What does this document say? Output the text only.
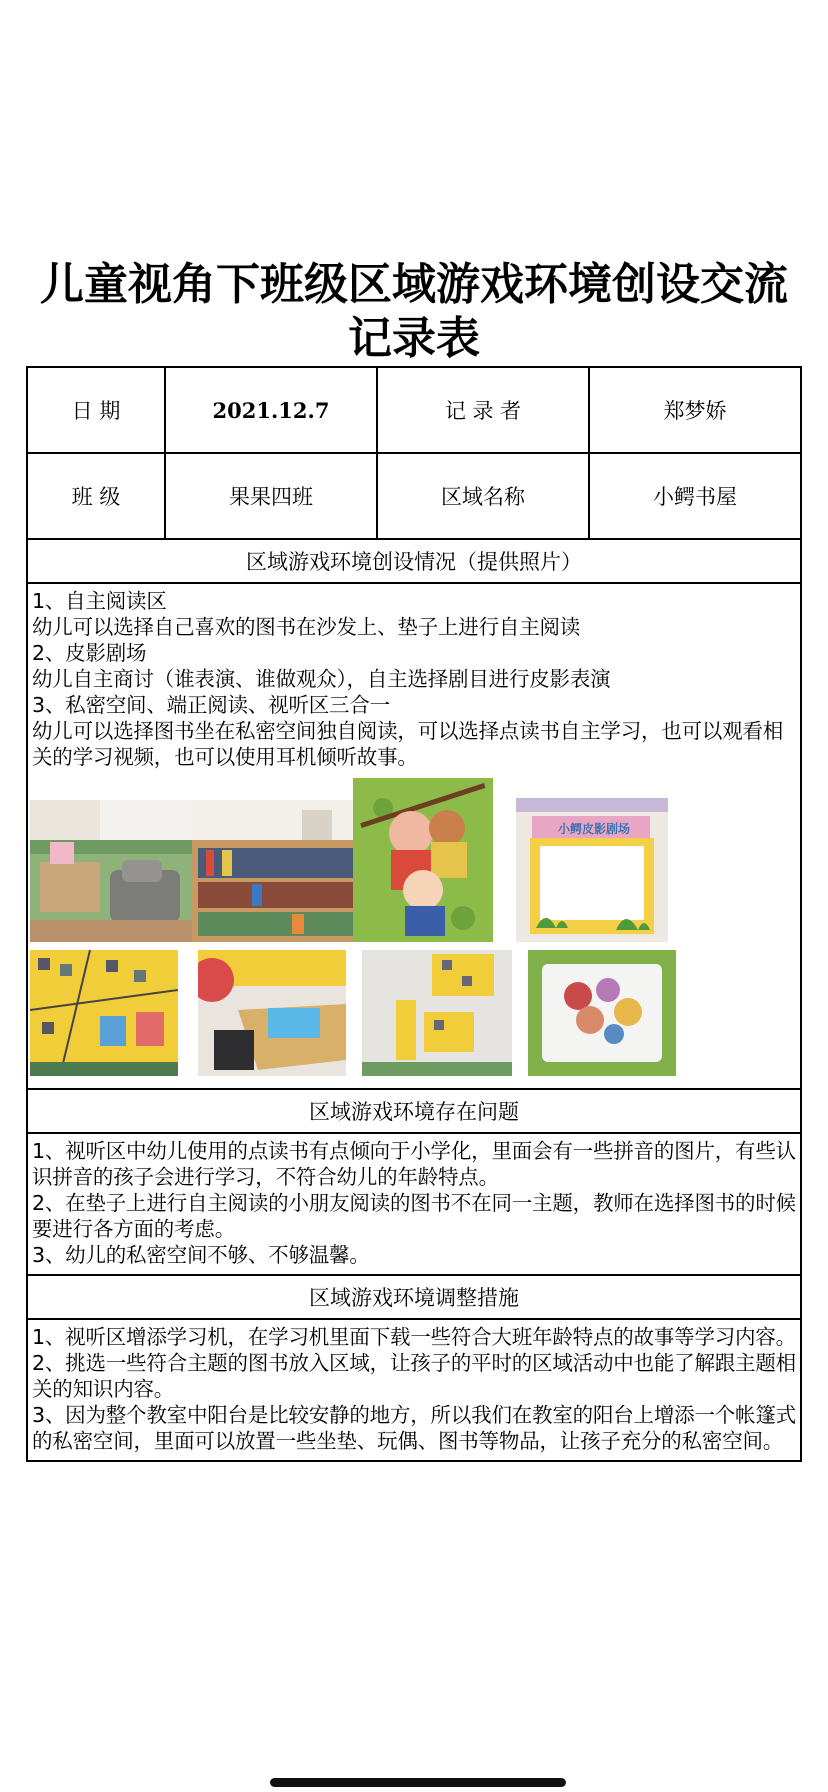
儿童视角下班级区域游戏环境创设交流记录表
日 期	2021.12.7	记 录 者	郑梦娇
班 级	果果四班	区域名称	小鳄书屋
区域游戏环境创设情况（提供照片）

1、自主阅读区

幼儿可以选择自己喜欢的图书在沙发上、垫子上进行自主阅读

2、皮影剧场

幼儿自主商讨（谁表演、谁做观众），自主选择剧目进行皮影表演

3、私密空间、端正阅读、视听区三合一

幼儿可以选择图书坐在私密空间独自阅读，可以选择点读书自主学习，也可以观看相关的学习视频，也可以使用耳机倾听故事。

小鳄皮影剧场
区域游戏环境存在问题

1、视听区中幼儿使用的点读书有点倾向于小学化，里面会有一些拼音的图片，有些认识拼音的孩子会进行学习，不符合幼儿的年龄特点。

2、在垫子上进行自主阅读的小朋友阅读的图书不在同一主题，教师在选择图书的时候要进行各方面的考虑。

3、幼儿的私密空间不够、不够温馨。

区域游戏环境调整措施

1、视听区增添学习机，在学习机里面下载一些符合大班年龄特点的故事等学习内容。

2、挑选一些符合主题的图书放入区域，让孩子的平时的区域活动中也能了解跟主题相关的知识内容。

3、因为整个教室中阳台是比较安静的地方，所以我们在教室的阳台上增添一个帐篷式的私密空间，里面可以放置一些坐垫、玩偶、图书等物品，让孩子充分的私密空间。
